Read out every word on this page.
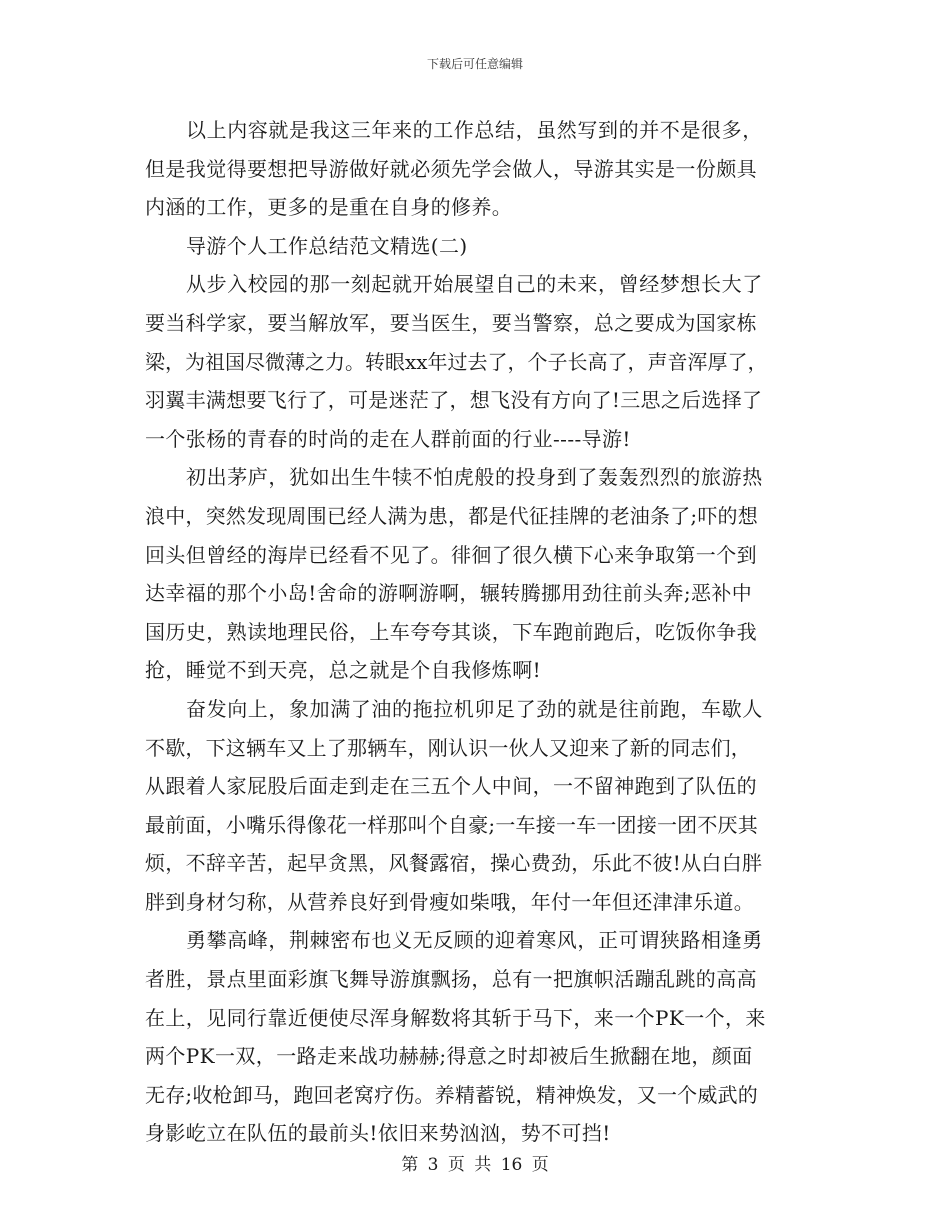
下载后可任意编辑
以上内容就是我这三年来的工作总结，虽然写到的并不是很多，
但是我觉得要想把导游做好就必须先学会做人，导游其实是一份颇具
内涵的工作，更多的是重在自身的修养。
导游个人工作总结范文精选(二)
从步入校园的那一刻起就开始展望自己的未来，曾经梦想长大了
要当科学家，要当解放军，要当医生，要当警察，总之要成为国家栋
梁，为祖国尽微薄之力。转眼xx年过去了，个子长高了，声音浑厚了，
羽翼丰满想要飞行了，可是迷茫了，想飞没有方向了!三思之后选择了
一个张杨的青春的时尚的走在人群前面的行业----导游!
初出茅庐，犹如出生牛犊不怕虎般的投身到了轰轰烈烈的旅游热
浪中，突然发现周围已经人满为患，都是代征挂牌的老油条了;吓的想
回头但曾经的海岸已经看不见了。徘徊了很久横下心来争取第一个到
达幸福的那个小岛!舍命的游啊游啊，辗转腾挪用劲往前头奔;恶补中
国历史，熟读地理民俗，上车夸夸其谈，下车跑前跑后，吃饭你争我
抢，睡觉不到天亮，总之就是个自我修炼啊!
奋发向上，象加满了油的拖拉机卯足了劲的就是往前跑，车歇人
不歇，下这辆车又上了那辆车，刚认识一伙人又迎来了新的同志们，
从跟着人家屁股后面走到走在三五个人中间，一不留神跑到了队伍的
最前面，小嘴乐得像花一样那叫个自豪;一车接一车一团接一团不厌其
烦，不辞辛苦，起早贪黑，风餐露宿，操心费劲，乐此不彼!从白白胖
胖到身材匀称，从营养良好到骨瘦如柴哦，年付一年但还津津乐道。
勇攀高峰，荆棘密布也义无反顾的迎着寒风，正可谓狭路相逢勇
者胜，景点里面彩旗飞舞导游旗飘扬，总有一把旗帜活蹦乱跳的高高
在上，见同行靠近便使尽浑身解数将其斩于马下，来一个PK一个，来
两个PK一双，一路走来战功赫赫;得意之时却被后生掀翻在地，颜面
无存;收枪卸马，跑回老窝疗伤。养精蓄锐，精神焕发，又一个威武的
身影屹立在队伍的最前头!依旧来势汹汹，势不可挡!
第 3 页 共 16 页
